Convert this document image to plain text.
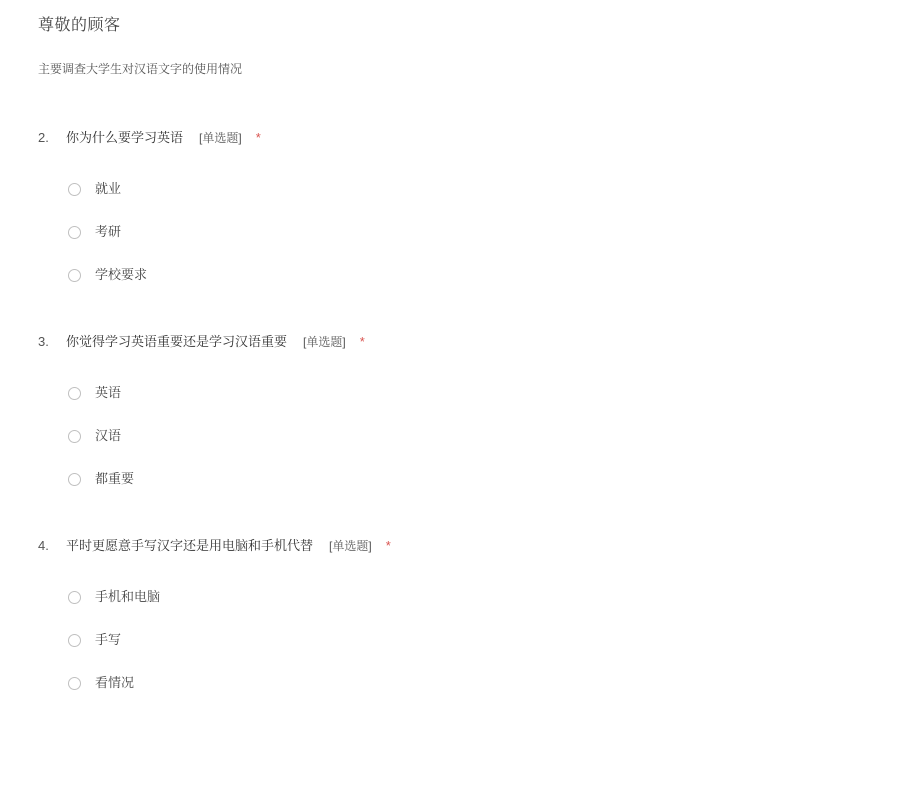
尊敬的顾客

主要调查大学生对汉语文字的使用情况

2.	你为什么要学习英语 [单选题] *
就业
考研
学校要求
3.	你觉得学习英语重要还是学习汉语重要 [单选题] *
英语
汉语
都重要
4.	平时更愿意手写汉字还是用电脑和手机代替 [单选题] *
手机和电脑
手写
看情况
